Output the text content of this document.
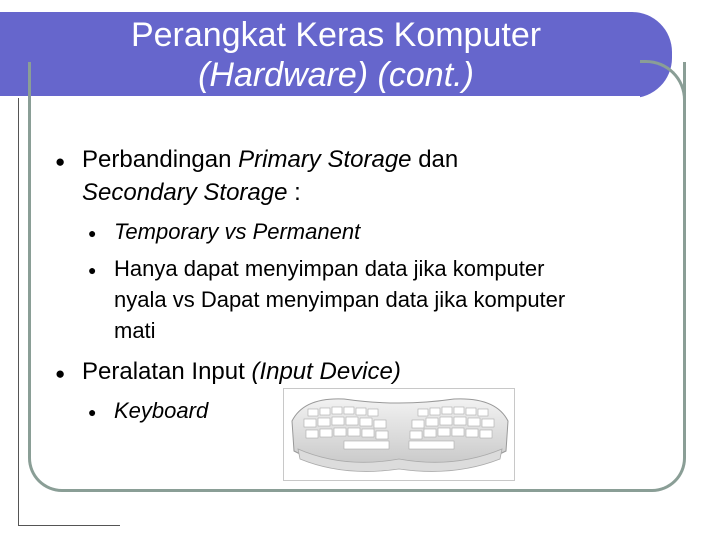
Perangkat Keras Komputer
(Hardware) (cont.)
● Perbandingan Primary Storage dan
Secondary Storage :
● Temporary vs Permanent
● Hanya dapat menyimpan data jika komputer
nyala vs Dapat menyimpan data jika komputer
mati
● Peralatan Input (Input Device)
● Keyboard
